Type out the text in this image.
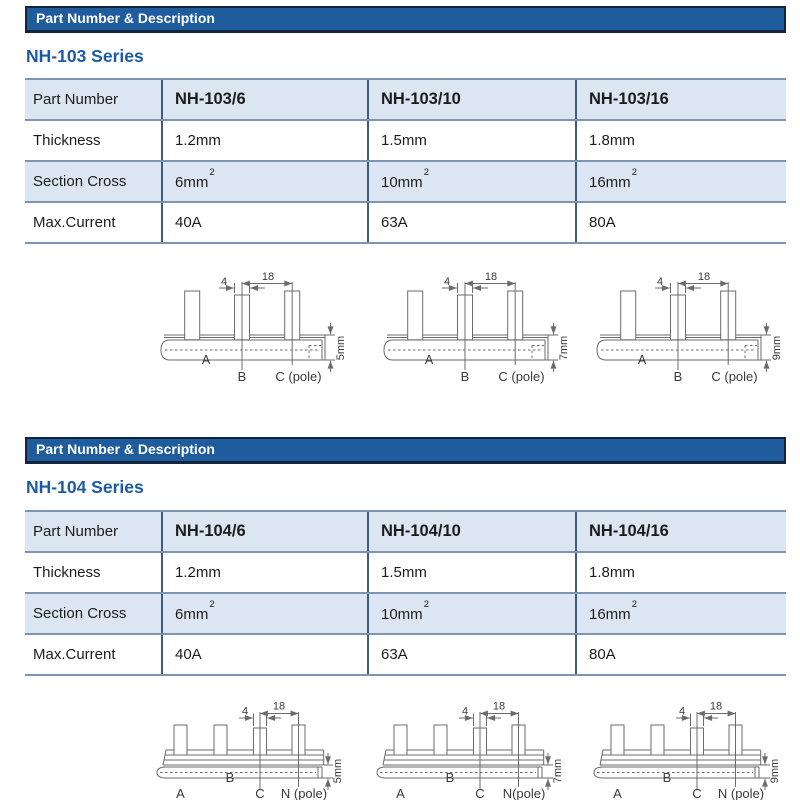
Part Number & Description
NH-103 Series
Part Number	NH-103/6	NH-103/10	NH-103/16
Thickness	1.2mm	1.5mm	1.8mm
Section Cross	$6mm^2$	$10mm^2$	$16mm^2$
Max.Current	40A	63A	80A
18
4
5mm
A
B C (pole)
18
4
7mm
A
B C (pole)
18
4
9mm
A
B C (pole)
Part Number & Description
NH-104 Series
Part Number	NH-104/6	NH-104/10	NH-104/16
Thickness	1.2mm	1.5mm	1.8mm
Section Cross	$6mm^2$	$10mm^2$	$16mm^2$
Max.Current	40A	63A	80A
18
4
5mm
B
A	C N (pole)
18
4
7mm
B
A	C N(pole)
18
4
9mm
B
A	C N (pole)
